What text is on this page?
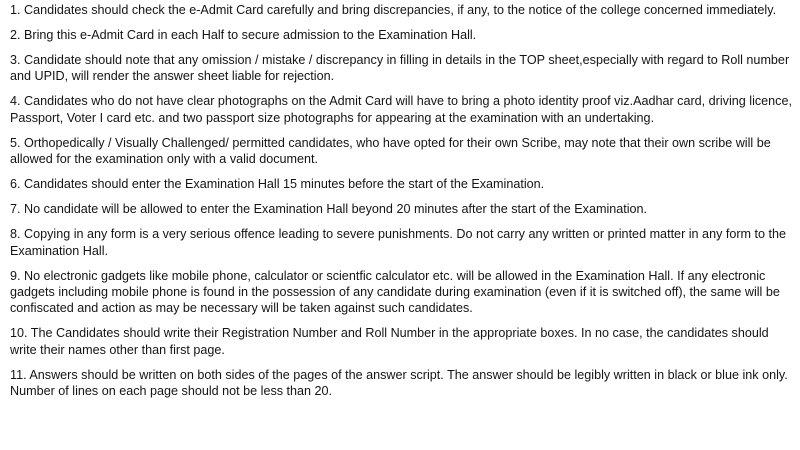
1. Candidates should check the e-Admit Card carefully and bring discrepancies, if any, to the notice of the college concerned immediately.

2. Bring this e-Admit Card in each Half to secure admission to the Examination Hall.

3. Candidate should note that any omission / mistake / discrepancy in filling in details in the TOP sheet,especially with regard to Roll number and UPID, will render the answer sheet liable for rejection.

4. Candidates who do not have clear photographs on the Admit Card will have to bring a photo identity proof viz.Aadhar card, driving licence, Passport, Voter I card etc. and two passport size photographs for appearing at the examination with an undertaking.

5. Orthopedically / Visually Challenged/ permitted candidates, who have opted for their own Scribe, may note that their own scribe will be allowed for the examination only with a valid document.

6. Candidates should enter the Examination Hall 15 minutes before the start of the Examination.

7. No candidate will be allowed to enter the Examination Hall beyond 20 minutes after the start of the Examination.

8. Copying in any form is a very serious offence leading to severe punishments. Do not carry any written or printed matter in any form to the Examination Hall.

9. No electronic gadgets like mobile phone, calculator or scientfic calculator etc. will be allowed in the Examination Hall. If any electronic gadgets including mobile phone is found in the possession of any candidate during examination (even if it is switched off), the same will be confiscated and action as may be necessary will be taken against such candidates.

10. The Candidates should write their Registration Number and Roll Number in the appropriate boxes. In no case, the candidates should write their names other than first page.

11. Answers should be written on both sides of the pages of the answer script. The answer should be legibly written in black or blue ink only. Number of lines on each page should not be less than 20.
